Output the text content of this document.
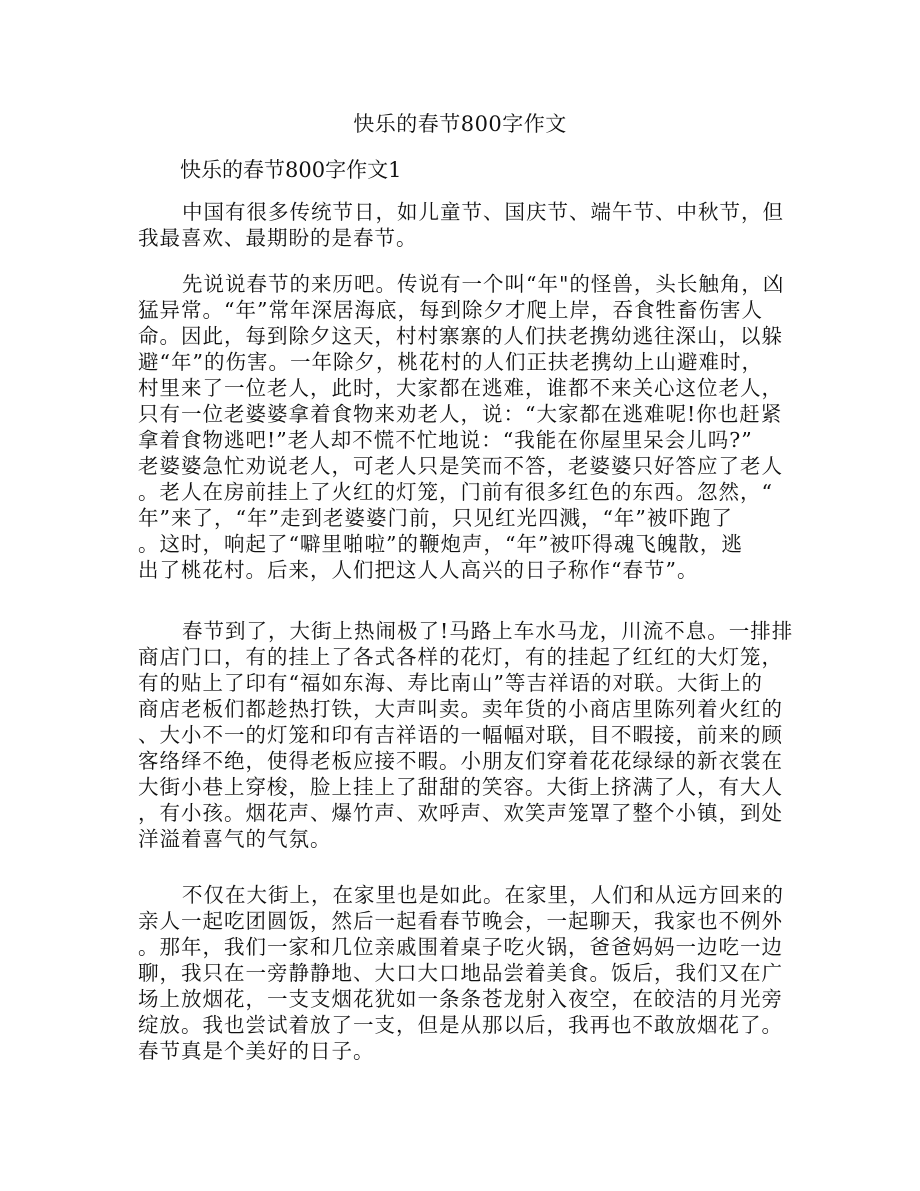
快乐的春节800字作文
快乐的春节800字作文1
中国有很多传统节日，如儿童节、国庆节、端午节、中秋节，但
我最喜欢、最期盼的是春节。
先说说春节的来历吧。传说有一个叫“年"的怪兽，头长触角，凶
猛异常。“年”常年深居海底，每到除夕才爬上岸，吞食牲畜伤害人
命。因此，每到除夕这天，村村寨寨的人们扶老携幼逃往深山，以躲
避“年”的伤害。一年除夕，桃花村的人们正扶老携幼上山避难时，
村里来了一位老人，此时，大家都在逃难，谁都不来关心这位老人，
只有一位老婆婆拿着食物来劝老人，说：“大家都在逃难呢!你也赶紧
拿着食物逃吧!”老人却不慌不忙地说：“我能在你屋里呆会儿吗?”
老婆婆急忙劝说老人，可老人只是笑而不答，老婆婆只好答应了老人
。老人在房前挂上了火红的灯笼，门前有很多红色的东西。忽然，“
年”来了，“年”走到老婆婆门前，只见红光四溅，“年”被吓跑了
。这时，响起了“噼里啪啦”的鞭炮声，“年”被吓得魂飞魄散，逃
出了桃花村。后来，人们把这人人高兴的日子称作“春节”。
春节到了，大街上热闹极了!马路上车水马龙，川流不息。一排排
商店门口，有的挂上了各式各样的花灯，有的挂起了红红的大灯笼，
有的贴上了印有“福如东海、寿比南山”等吉祥语的对联。大街上的
商店老板们都趁热打铁，大声叫卖。卖年货的小商店里陈列着火红的
、大小不一的灯笼和印有吉祥语的一幅幅对联，目不暇接，前来的顾
客络绎不绝，使得老板应接不暇。小朋友们穿着花花绿绿的新衣裳在
大街小巷上穿梭，脸上挂上了甜甜的笑容。大街上挤满了人，有大人
，有小孩。烟花声、爆竹声、欢呼声、欢笑声笼罩了整个小镇，到处
洋溢着喜气的气氛。
不仅在大街上，在家里也是如此。在家里，人们和从远方回来的
亲人一起吃团圆饭，然后一起看春节晚会，一起聊天，我家也不例外
。那年，我们一家和几位亲戚围着桌子吃火锅，爸爸妈妈一边吃一边
聊，我只在一旁静静地、大口大口地品尝着美食。饭后，我们又在广
场上放烟花，一支支烟花犹如一条条苍龙射入夜空，在皎洁的月光旁
绽放。我也尝试着放了一支，但是从那以后，我再也不敢放烟花了。
春节真是个美好的日子。
